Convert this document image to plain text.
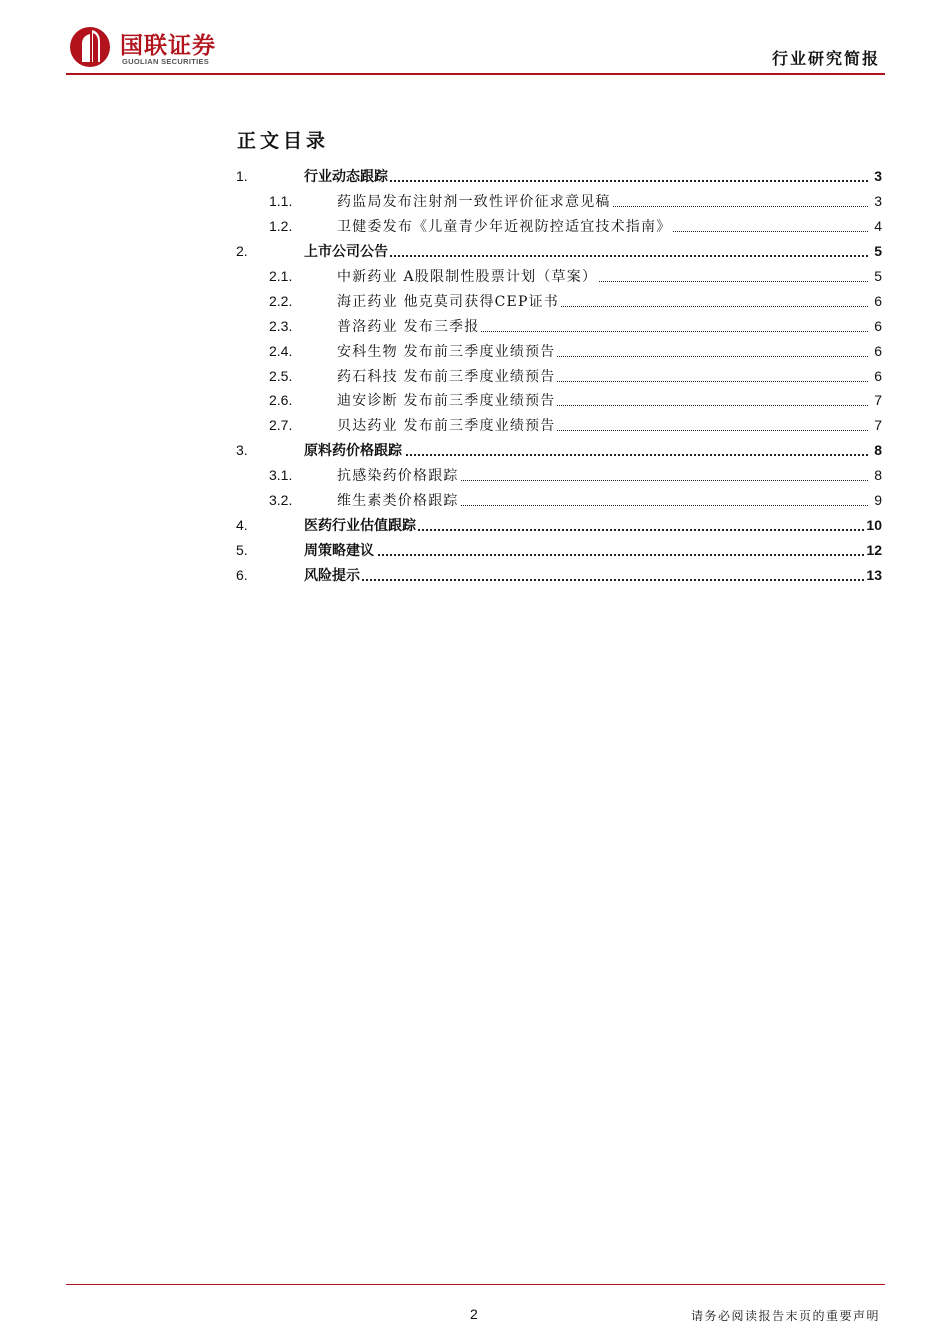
国联证券
GUOLIAN SECURITIES	行业研究简报
正文目录
1.	行业动态跟踪	3
1.1.	药监局发布注射剂一致性评价征求意见稿	3
1.2.	卫健委发布《儿童青少年近视防控适宜技术指南》	4
2.	上市公司公告	5
2.1.	中新药业 A股限制性股票计划（草案）	5
2.2.	海正药业 他克莫司获得CEP证书	6
2.3.	普洛药业 发布三季报	6
2.4.	安科生物 发布前三季度业绩预告	6
2.5.	药石科技 发布前三季度业绩预告	6
2.6.	迪安诊断 发布前三季度业绩预告	7
2.7.	贝达药业 发布前三季度业绩预告	7
3.	原料药价格跟踪	8
3.1.	抗感染药价格跟踪	8
3.2.	维生素类价格跟踪	9
4.	医药行业估值跟踪	10
5.	周策略建议	12
6.	风险提示	13
2	请务必阅读报告末页的重要声明
